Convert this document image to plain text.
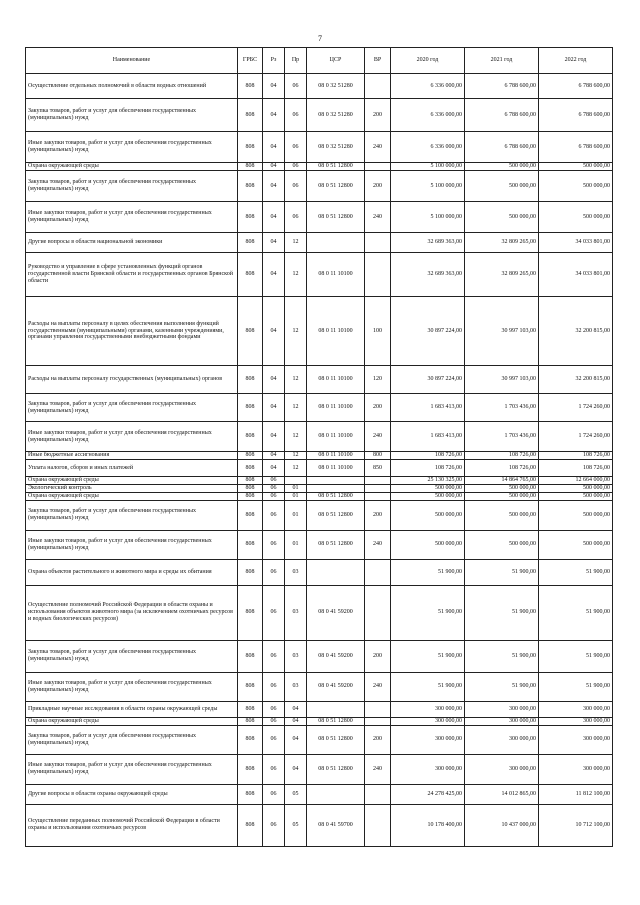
7
Наименование	ГРБС	Рз	Пр	ЦСР	ВР	2020 год	2021 год	2022 год
Осуществление отдельных полномочий в области водных отношений	808	04	06	08 0 32 51280		6 336 000,00	6 788 600,00	6 788 600,00
Закупка товаров, работ и услуг для обеспечения государственных (муниципальных) нужд	808	04	06	08 0 32 51280	200	6 336 000,00	6 788 600,00	6 788 600,00
Иные закупки товаров, работ и услуг для обеспечения государственных (муниципальных) нужд	808	04	06	08 0 32 51280	240	6 336 000,00	6 788 600,00	6 788 600,00
Охрана окружающей среды	808	04	06	08 0 51 12800		5 100 000,00	500 000,00	500 000,00
Закупка товаров, работ и услуг для обеспечения государственных (муниципальных) нужд	808	04	06	08 0 51 12800	200	5 100 000,00	500 000,00	500 000,00
Иные закупки товаров, работ и услуг для обеспечения государственных (муниципальных) нужд	808	04	06	08 0 51 12800	240	5 100 000,00	500 000,00	500 000,00
Другие вопросы в области национальной экономики	808	04	12			32 689 363,00	32 809 265,00	34 033 801,00
Руководство и управление в сфере установленных функций органов государственной власти Брянской области и государственных органов Брянской области	808	04	12	08 0 11 10100		32 689 363,00	32 809 265,00	34 033 801,00
Расходы на выплаты персоналу в целях обеспечения выполнения функций государственными (муниципальными) органами, казенными учреждениями, органами управления государственными внебюджетными фондами	808	04	12	08 0 11 10100	100	30 897 224,00	30 997 103,00	32 200 815,00
Расходы на выплаты персоналу государственных (муниципальных) органов	808	04	12	08 0 11 10100	120	30 897 224,00	30 997 103,00	32 200 815,00
Закупка товаров, работ и услуг для обеспечения государственных (муниципальных) нужд	808	04	12	08 0 11 10100	200	1 683 413,00	1 703 436,00	1 724 260,00
Иные закупки товаров, работ и услуг для обеспечения государственных (муниципальных) нужд	808	04	12	08 0 11 10100	240	1 683 413,00	1 703 436,00	1 724 260,00
Иные бюджетные ассигнования	808	04	12	08 0 11 10100	800	108 726,00	108 726,00	108 726,00
Уплата налогов, сборов и иных платежей	808	04	12	08 0 11 10100	850	108 726,00	108 726,00	108 726,00
Охрана окружающей среды	808	06				25 130 325,00	14 864 765,00	12 664 000,00
Экологический контроль	808	06	01			500 000,00	500 000,00	500 000,00
Охрана окружающей среды	808	06	01	08 0 51 12800		500 000,00	500 000,00	500 000,00
Закупка товаров, работ и услуг для обеспечения государственных (муниципальных) нужд	808	06	01	08 0 51 12800	200	500 000,00	500 000,00	500 000,00
Иные закупки товаров, работ и услуг для обеспечения государственных (муниципальных) нужд	808	06	01	08 0 51 12800	240	500 000,00	500 000,00	500 000,00
Охрана объектов растительного и животного мира и среды их обитания	808	06	03			51 900,00	51 900,00	51 900,00
Осуществление полномочий Российской Федерации в области охраны и использования объектов животного мира (за исключением охотничьих ресурсов и водных биологических ресурсов)	808	06	03	08 0 41 59200		51 900,00	51 900,00	51 900,00
Закупка товаров, работ и услуг для обеспечения государственных (муниципальных) нужд	808	06	03	08 0 41 59200	200	51 900,00	51 900,00	51 900,00
Иные закупки товаров, работ и услуг для обеспечения государственных (муниципальных) нужд	808	06	03	08 0 41 59200	240	51 900,00	51 900,00	51 900,00
Прикладные научные исследования в области охраны окружающей среды	808	06	04			300 000,00	300 000,00	300 000,00
Охрана окружающей среды	808	06	04	08 0 51 12800		300 000,00	300 000,00	300 000,00
Закупка товаров, работ и услуг для обеспечения государственных (муниципальных) нужд	808	06	04	08 0 51 12800	200	300 000,00	300 000,00	300 000,00
Иные закупки товаров, работ и услуг для обеспечения государственных (муниципальных) нужд	808	06	04	08 0 51 12800	240	300 000,00	300 000,00	300 000,00
Другие вопросы в области охраны окружающей среды	808	06	05			24 278 425,00	14 012 865,00	11 812 100,00
Осуществление переданных полномочий Российской Федерации в области охраны и использования охотничьих ресурсов	808	06	05	08 0 41 59700		10 178 400,00	10 437 000,00	10 712 100,00
